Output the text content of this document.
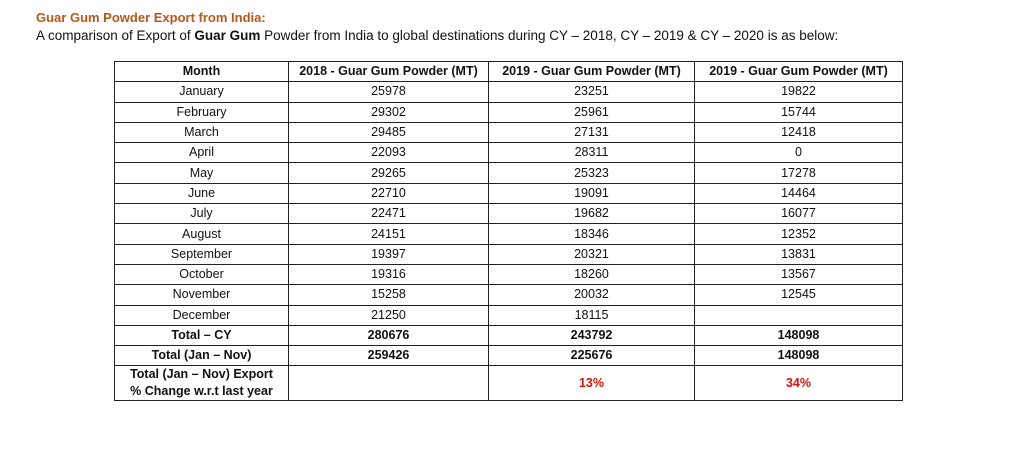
Guar Gum Powder Export from India:
A comparison of Export of Guar Gum Powder from India to global destinations during CY – 2018, CY – 2019 & CY – 2020 is as below:
Month	2018 - Guar Gum Powder (MT)	2019 - Guar Gum Powder (MT)	2019 - Guar Gum Powder (MT)
January	25978	23251	19822
February	29302	25961	15744
March	29485	27131	12418
April	22093	28311	0
May	29265	25323	17278
June	22710	19091	14464
July	22471	19682	16077
August	24151	18346	12352
September	19397	20321	13831
October	19316	18260	13567
November	15258	20032	12545
December	21250	18115	
Total – CY	280676	243792	148098
Total (Jan – Nov)	259426	225676	148098

Total (Jan – Nov) Export
% Change w.r.t last year		13%	34%
